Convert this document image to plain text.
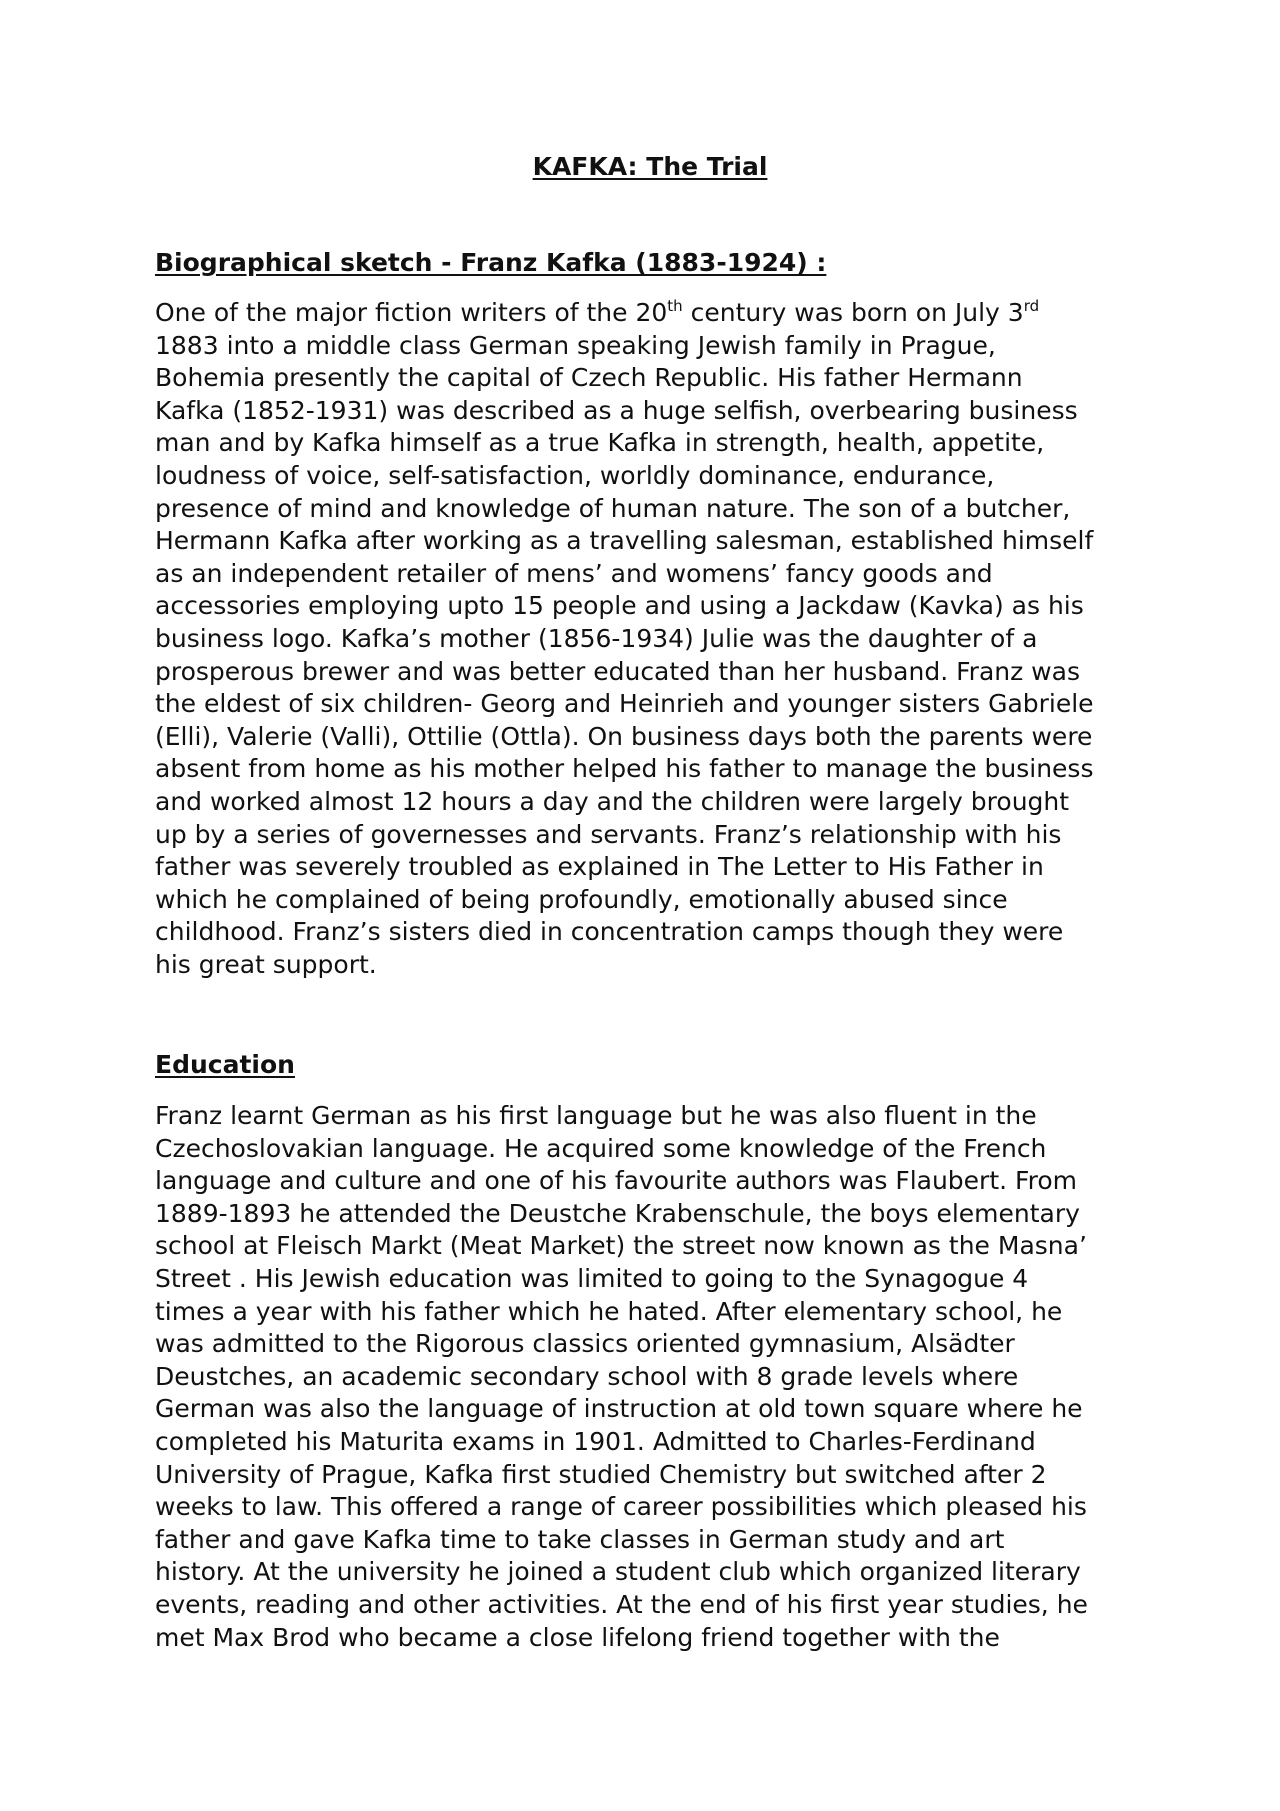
KAFKA: The Trial
Biographical sketch - Franz Kafka (1883-1924) :
One of the major fiction writers of the 20th century was born on July 3rd
1883 into a middle class German speaking Jewish family in Prague,
Bohemia presently the capital of Czech Republic. His father Hermann
Kafka (1852-1931) was described as a huge selfish, overbearing business
man and by Kafka himself as a true Kafka in strength, health, appetite,
loudness of voice, self-satisfaction, worldly dominance, endurance,
presence of mind and knowledge of human nature. The son of a butcher,
Hermann Kafka after working as a travelling salesman, established himself
as an independent retailer of mens’ and womens’ fancy goods and
accessories employing upto 15 people and using a Jackdaw (Kavka) as his
business logo. Kafka’s mother (1856-1934) Julie was the daughter of a
prosperous brewer and was better educated than her husband. Franz was
the eldest of six children- Georg and Heinrieh and younger sisters Gabriele
(Elli), Valerie (Valli), Ottilie (Ottla). On business days both the parents were
absent from home as his mother helped his father to manage the business
and worked almost 12 hours a day and the children were largely brought
up by a series of governesses and servants. Franz’s relationship with his
father was severely troubled as explained in The Letter to His Father in
which he complained of being profoundly, emotionally abused since
childhood. Franz’s sisters died in concentration camps though they were
his great support.
Education
Franz learnt German as his first language but he was also fluent in the
Czechoslovakian language. He acquired some knowledge of the French
language and culture and one of his favourite authors was Flaubert. From
1889-1893 he attended the Deustche Krabenschule, the boys elementary
school at Fleisch Markt (Meat Market) the street now known as the Masna’
Street . His Jewish education was limited to going to the Synagogue 4
times a year with his father which he hated. After elementary school, he
was admitted to the Rigorous classics oriented gymnasium, Alsädter
Deustches, an academic secondary school with 8 grade levels where
German was also the language of instruction at old town square where he
completed his Maturita exams in 1901. Admitted to Charles-Ferdinand
University of Prague, Kafka first studied Chemistry but switched after 2
weeks to law. This offered a range of career possibilities which pleased his
father and gave Kafka time to take classes in German study and art
history. At the university he joined a student club which organized literary
events, reading and other activities. At the end of his first year studies, he
met Max Brod who became a close lifelong friend together with the
